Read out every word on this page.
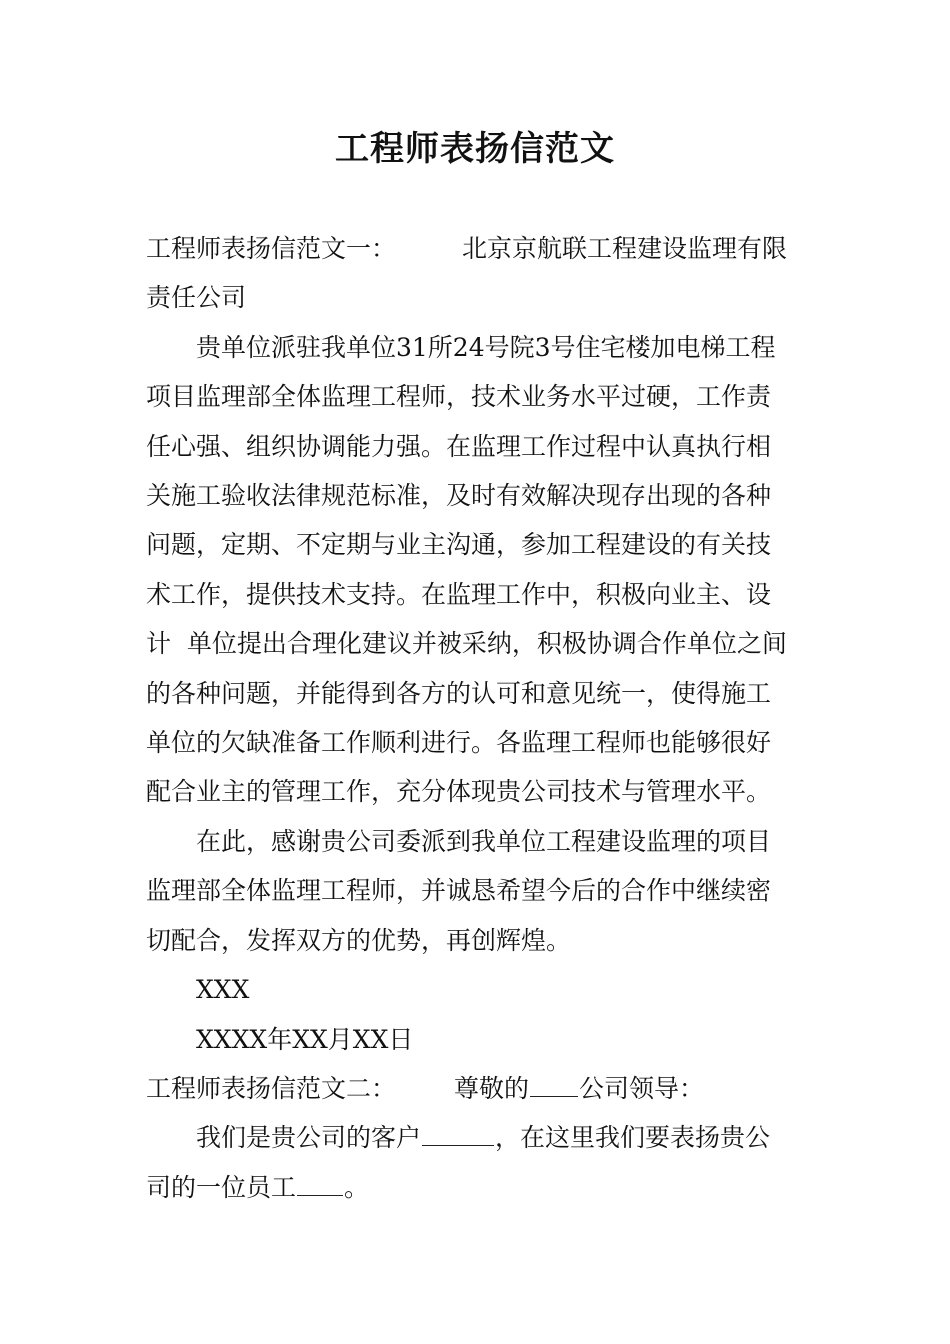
工程师表扬信范文
工程师表扬信范文一：	北京京航联工程建设监理有限
责任公司
贵单位派驻我单位31所24号院3号住宅楼加电梯工程
项目监理部全体监理工程师，技术业务水平过硬，工作责
任心强、组织协调能力强。在监理工作过程中认真执行相
关施工验收法律规范标准，及时有效解决现存出现的各种
问题，定期、不定期与业主沟通，参加工程建设的有关技
术工作，提供技术支持。在监理工作中，积极向业主、设
计  单位提出合理化建议并被采纳，积极协调合作单位之间
的各种问题，并能得到各方的认可和意见统一，使得施工
单位的欠缺准备工作顺利进行。各监理工程师也能够很好
配合业主的管理工作，充分体现贵公司技术与管理水平。
在此，感谢贵公司委派到我单位工程建设监理的项目
监理部全体监理工程师，并诚恳希望今后的合作中继续密
切配合，发挥双方的优势，再创辉煌。
XXX
XXXX年XX月XX日
工程师表扬信范文二： 尊敬的 公司领导：
我们是贵公司的客户	，在这里我们要表扬贵公
司的一位员工 。
